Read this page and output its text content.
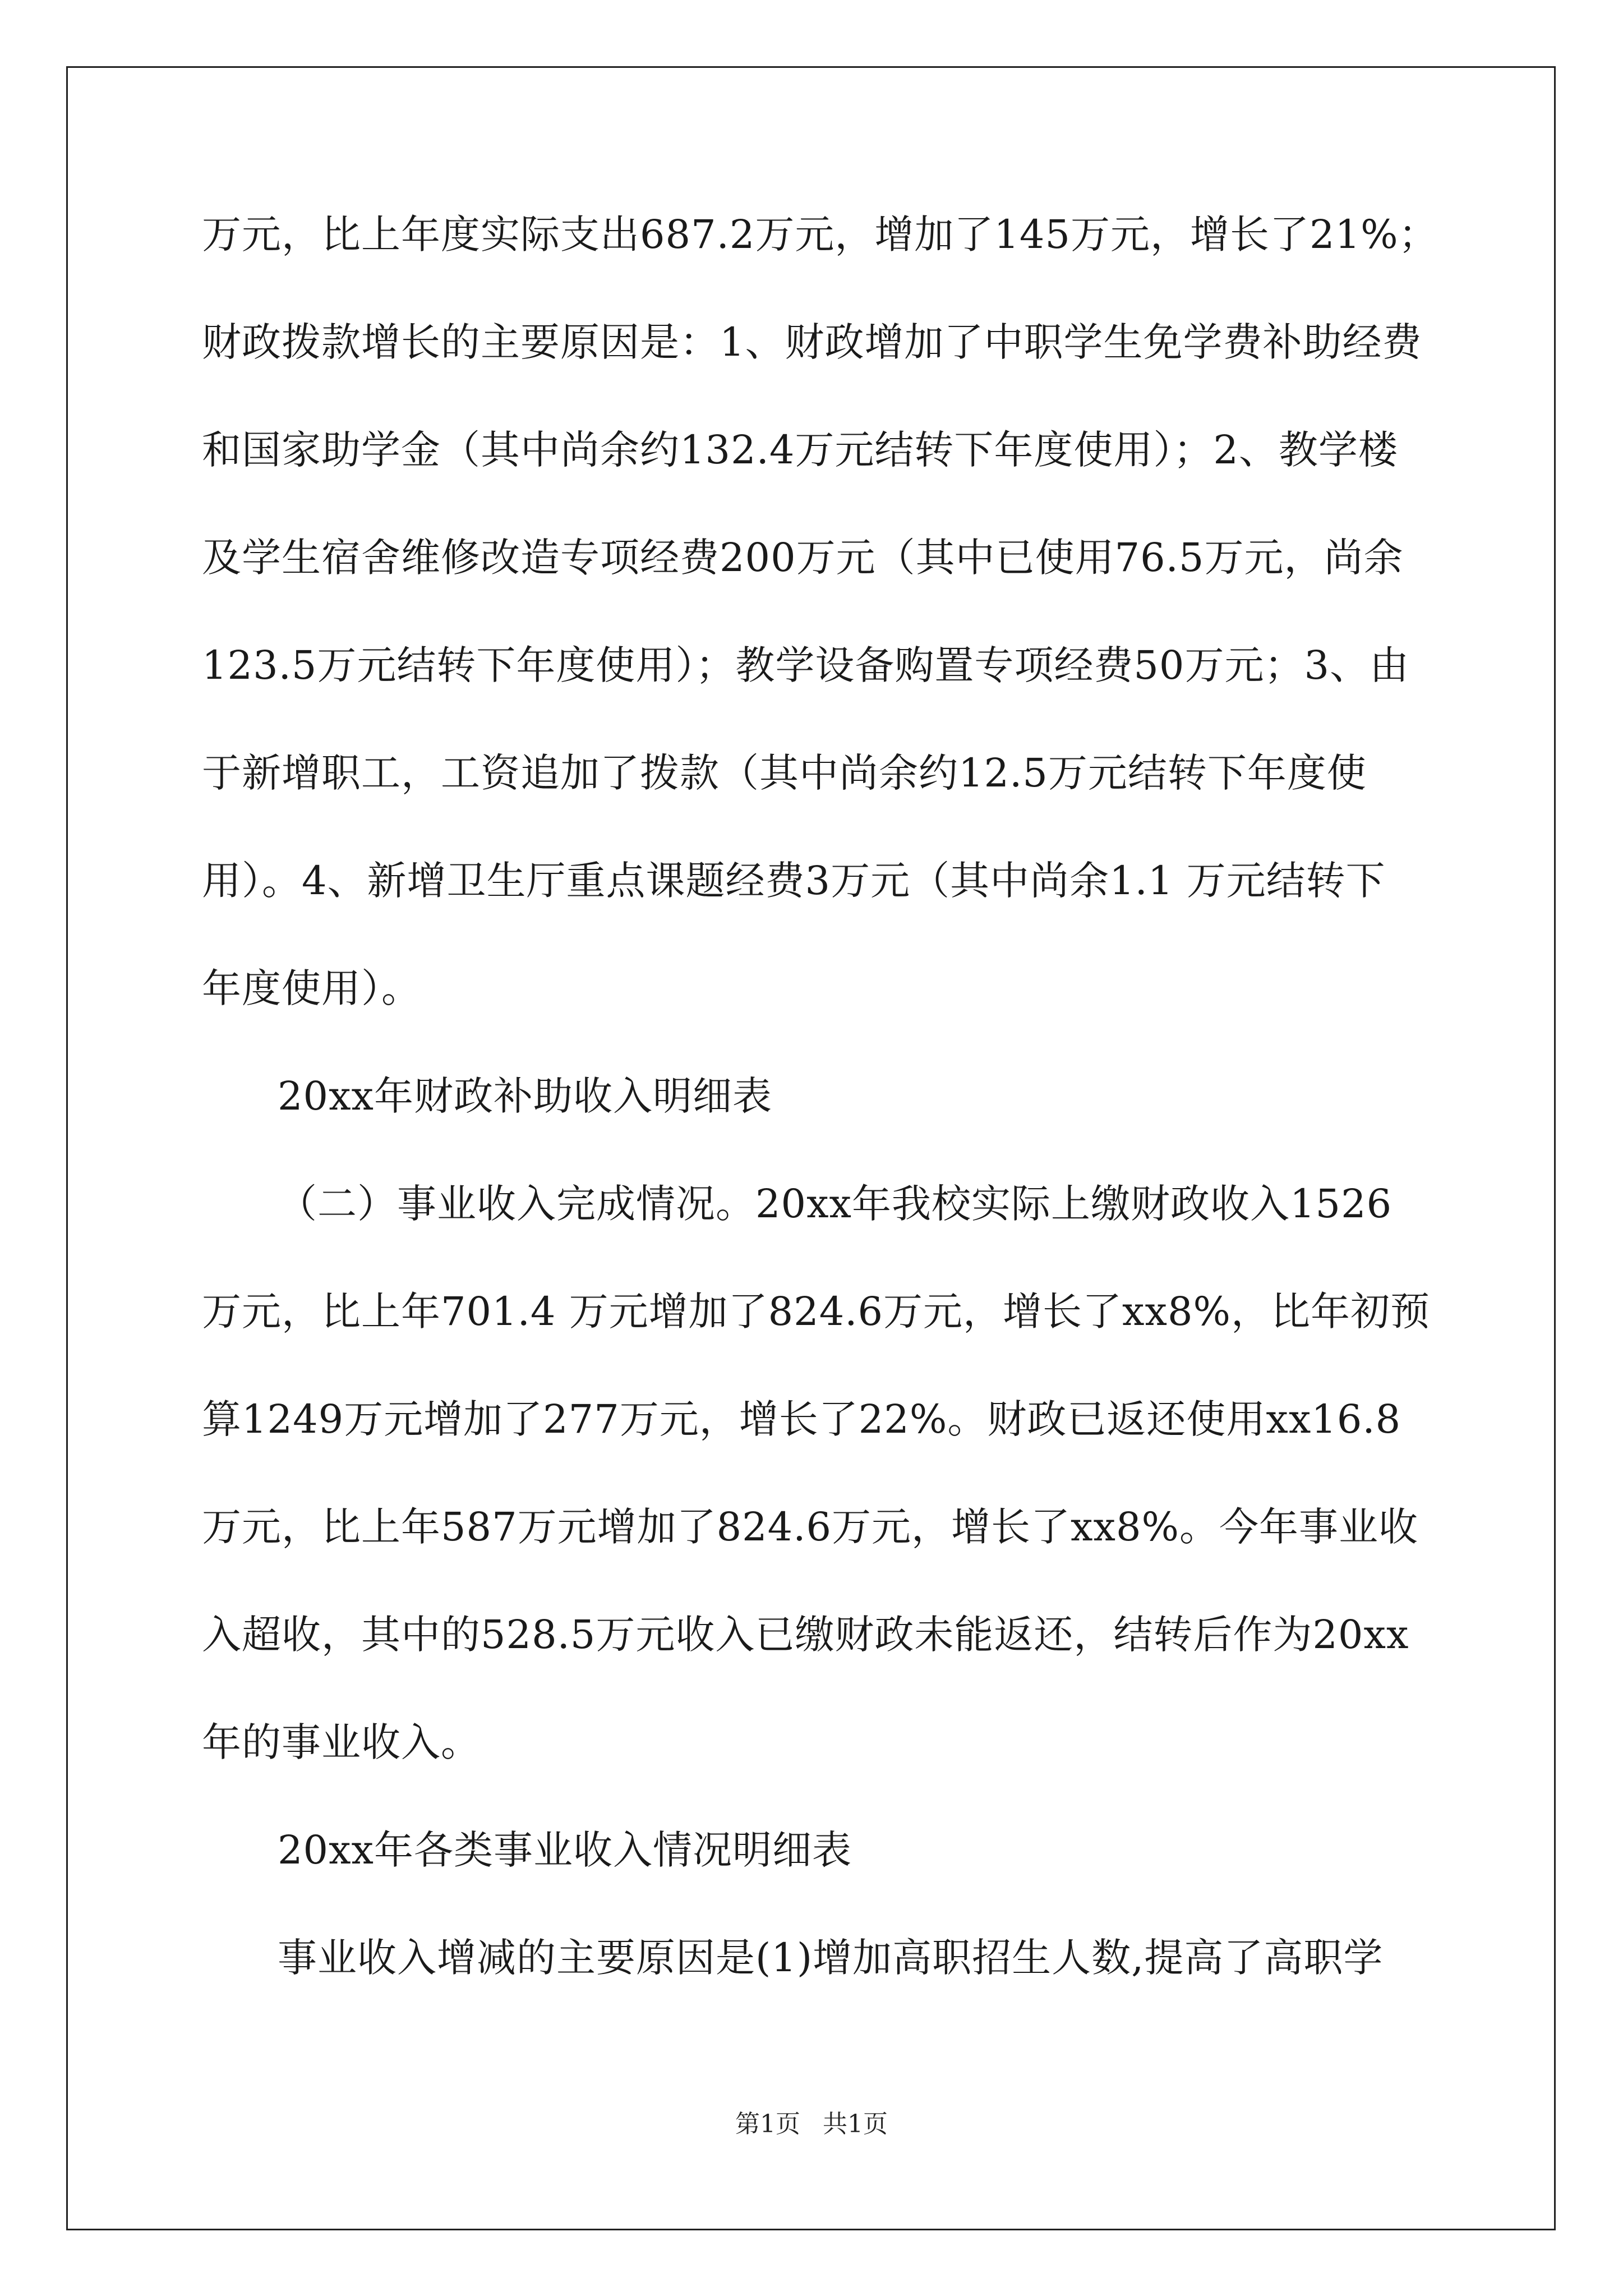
万元，比上年度实际支出687.2万元，增加了145万元，增长了21%；
财政拨款增长的主要原因是：1、财政增加了中职学生免学费补助经费
和国家助学金（其中尚余约132.4万元结转下年度使用）；2、教学楼
及学生宿舍维修改造专项经费200万元（其中已使用76.5万元，尚余
123.5万元结转下年度使用）；教学设备购置专项经费50万元；3、由
于新增职工，工资追加了拨款（其中尚余约12.5万元结转下年度使
用）。4、新增卫生厅重点课题经费3万元（其中尚余1.1 万元结转下
年度使用）。
20xx年财政补助收入明细表
（二）事业收入完成情况。20xx年我校实际上缴财政收入1526
万元，比上年701.4 万元增加了824.6万元，增长了xx8%，比年初预
算1249万元增加了277万元，增长了22%。财政已返还使用xx16.8
万元，比上年587万元增加了824.6万元，增长了xx8%。今年事业收
入超收，其中的528.5万元收入已缴财政未能返还，结转后作为20xx
年的事业收入。
20xx年各类事业收入情况明细表
事业收入增减的主要原因是(1)增加高职招生人数,提高了高职学
第1页 共1页
